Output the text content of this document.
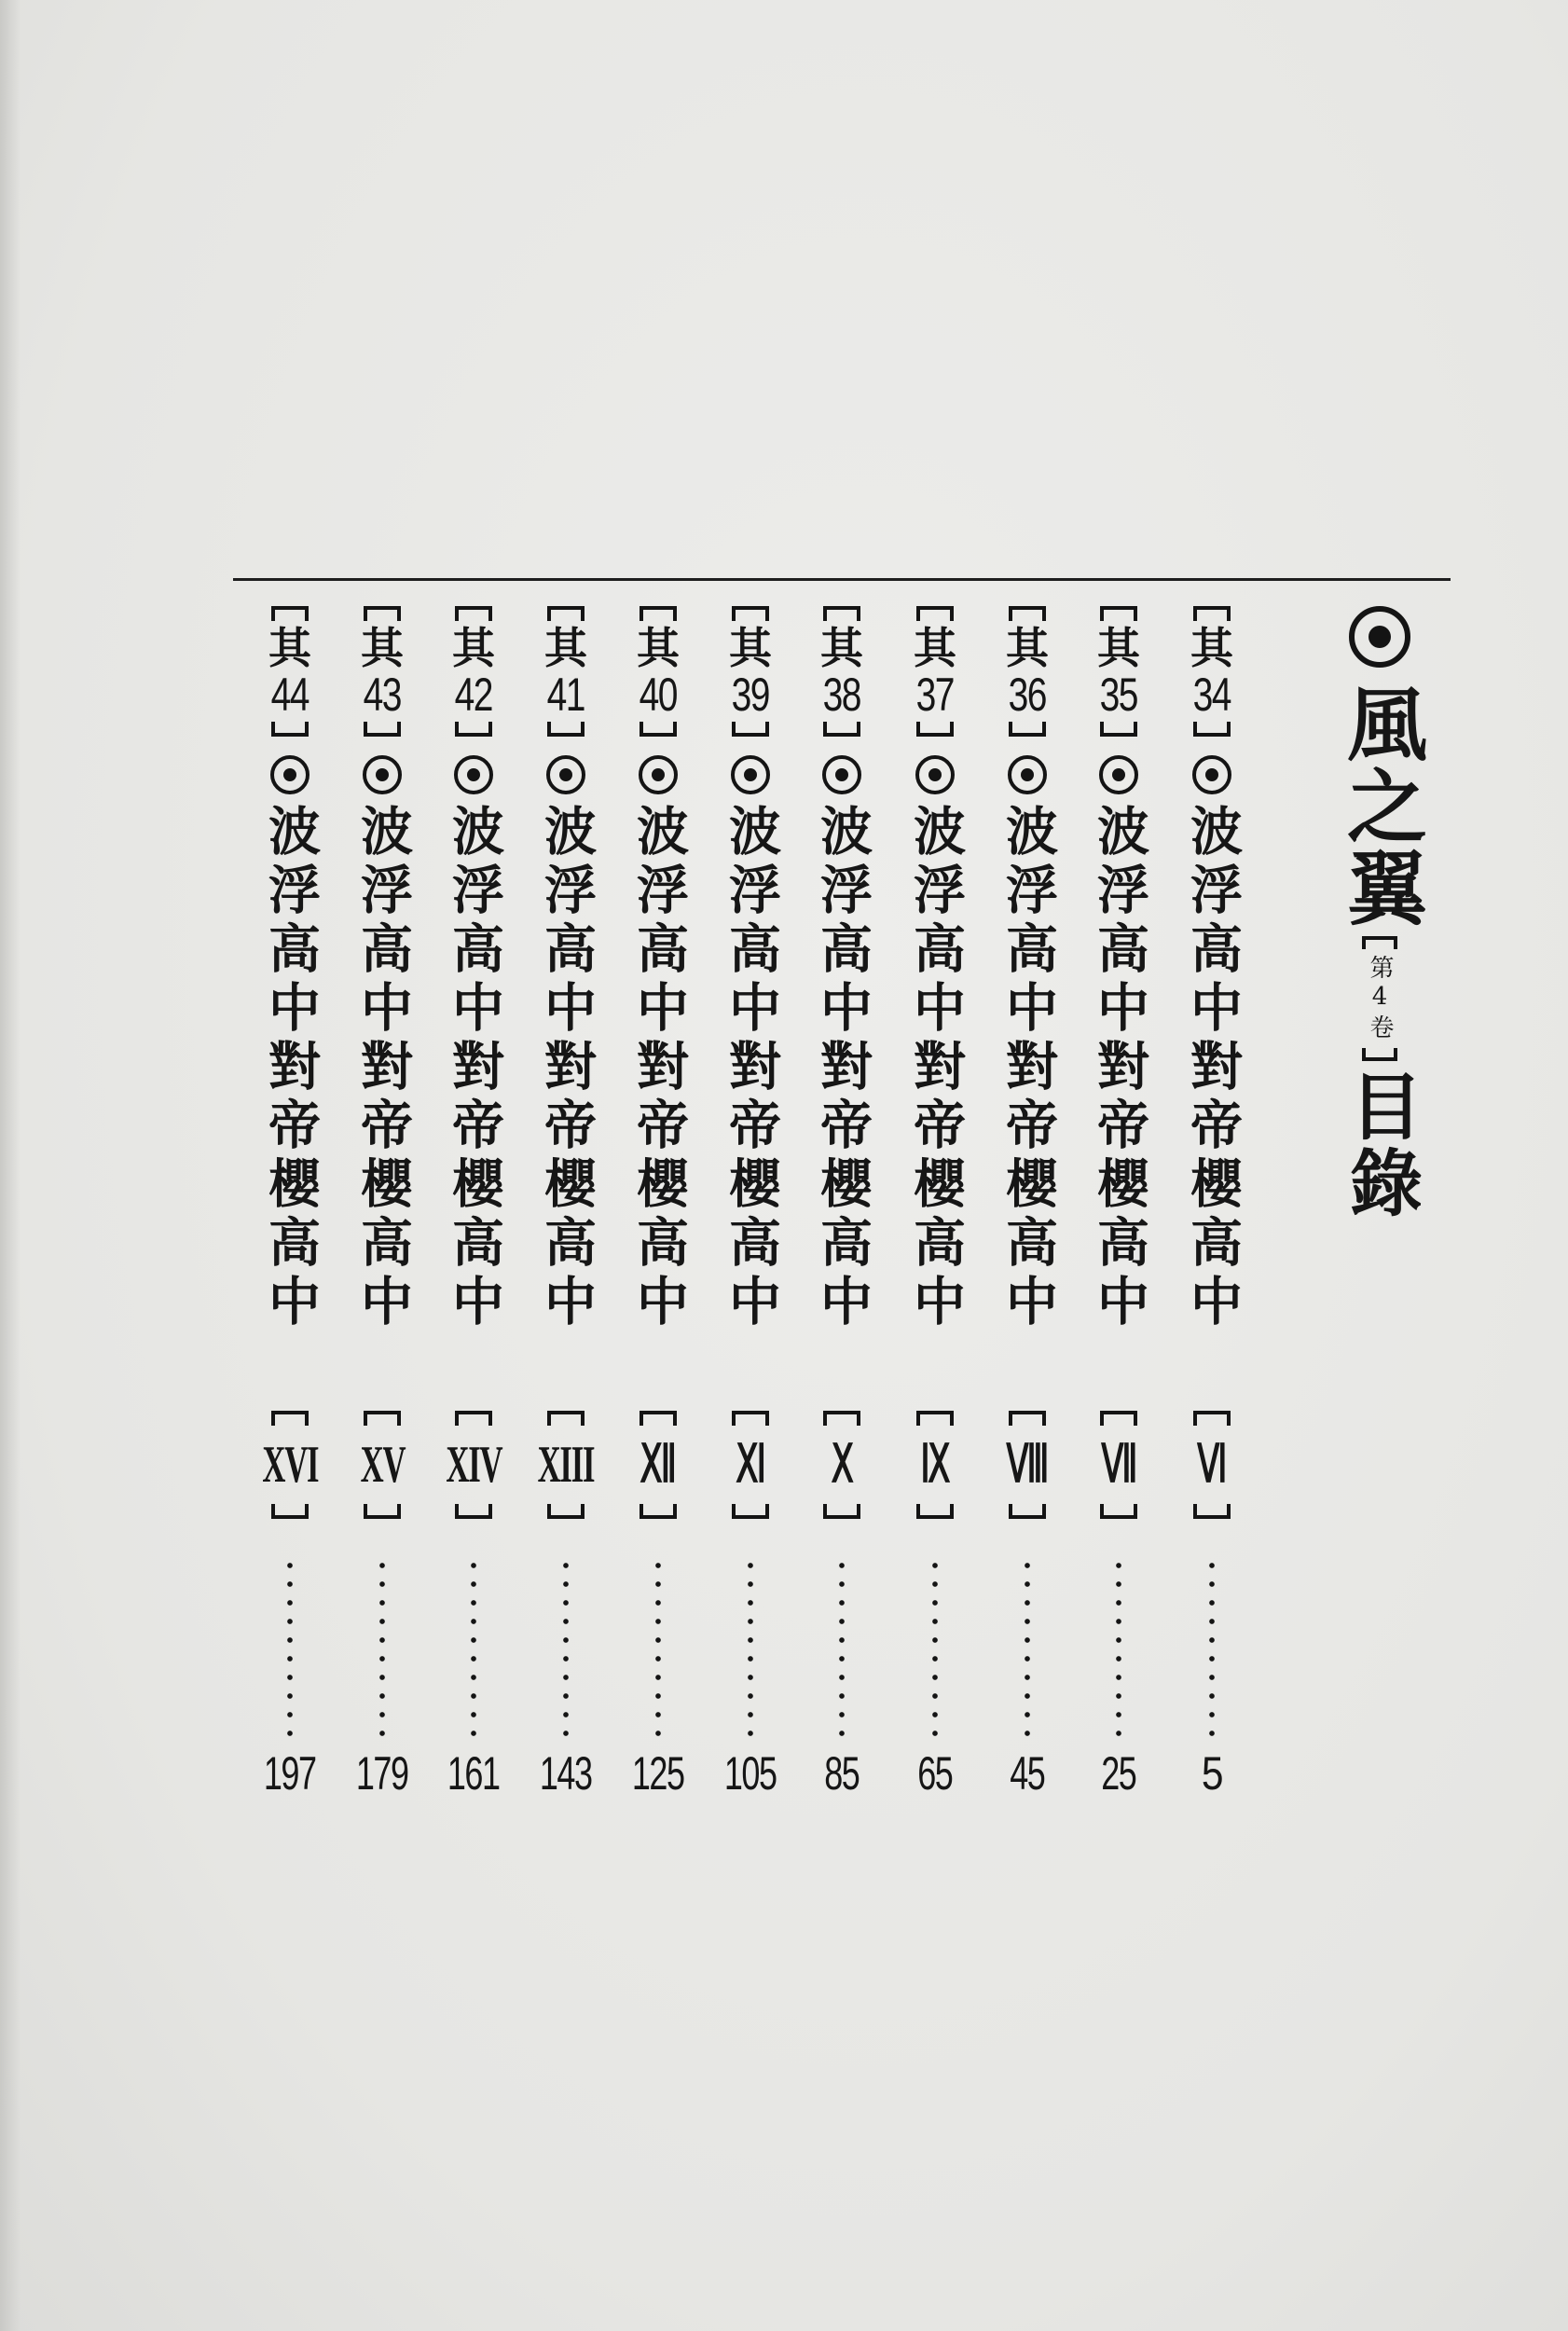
風之翼
第4卷
目錄
其
34
波浮高中對帝櫻高中
Ⅵ
5
其
35
波浮高中對帝櫻高中
Ⅶ
25
其
36
波浮高中對帝櫻高中
Ⅷ
45
其
37
波浮高中對帝櫻高中
Ⅸ
65
其
38
波浮高中對帝櫻高中
Ⅹ
85
其
39
波浮高中對帝櫻高中
Ⅺ
105
其
40
波浮高中對帝櫻高中
Ⅻ
125
其
41
波浮高中對帝櫻高中
XIII
143
其
42
波浮高中對帝櫻高中
XIV
161
其
43
波浮高中對帝櫻高中
XV
179
其
44
波浮高中對帝櫻高中
XVI
197
